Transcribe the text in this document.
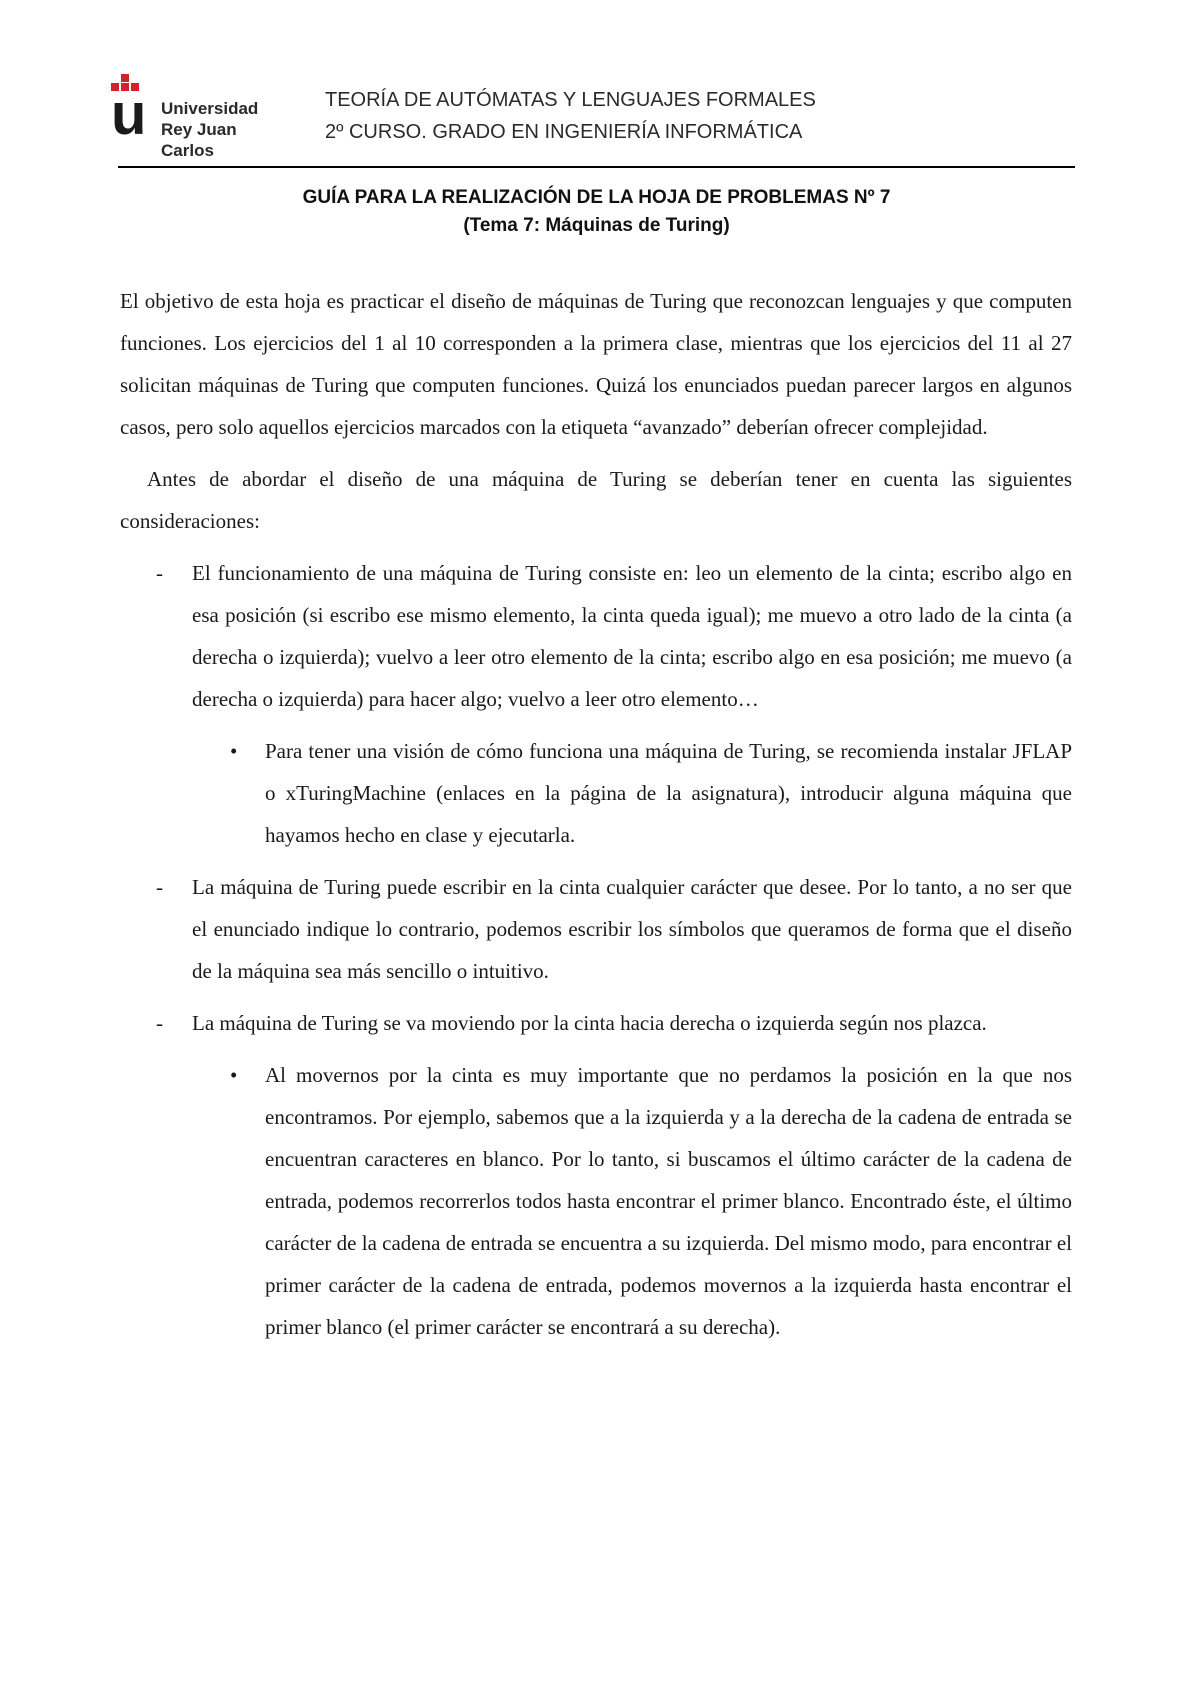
u Universidad
Rey Juan Carlos
TEORÍA DE AUTÓMATAS Y LENGUAJES FORMALES
2º CURSO. GRADO EN INGENIERÍA INFORMÁTICA
GUÍA PARA LA REALIZACIÓN DE LA HOJA DE PROBLEMAS Nº 7
(Tema 7: Máquinas de Turing)

El objetivo de esta hoja es practicar el diseño de máquinas de Turing que reconozcan lenguajes y que computen funciones. Los ejercicios del 1 al 10 corresponden a la primera clase, mientras que los ejercicios del 11 al 27 solicitan máquinas de Turing que computen funciones. Quizá los enunciados puedan parecer largos en algunos casos, pero solo aquellos ejercicios marcados con la etiqueta “avanzado” deberían ofrecer complejidad.

Antes de abordar el diseño de una máquina de Turing se deberían tener en cuenta las siguientes consideraciones:

- El funcionamiento de una máquina de Turing consiste en: leo un elemento de la cinta; escribo algo en esa posición (si escribo ese mismo elemento, la cinta queda igual); me muevo a otro lado de la cinta (a derecha o izquierda); vuelvo a leer otro elemento de la cinta; escribo algo en esa posición; me muevo (a derecha o izquierda) para hacer algo; vuelvo a leer otro elemento…

• Para tener una visión de cómo funciona una máquina de Turing, se recomienda instalar JFLAP o xTuringMachine (enlaces en la página de la asignatura), introducir alguna máquina que hayamos hecho en clase y ejecutarla.

- La máquina de Turing puede escribir en la cinta cualquier carácter que desee. Por lo tanto, a no ser que el enunciado indique lo contrario, podemos escribir los símbolos que queramos de forma que el diseño de la máquina sea más sencillo o intuitivo.

- La máquina de Turing se va moviendo por la cinta hacia derecha o izquierda según nos plazca.

• Al movernos por la cinta es muy importante que no perdamos la posición en la que nos encontramos. Por ejemplo, sabemos que a la izquierda y a la derecha de la cadena de entrada se encuentran caracteres en blanco. Por lo tanto, si buscamos el último carácter de la cadena de entrada, podemos recorrerlos todos hasta encontrar el primer blanco. Encontrado éste, el último carácter de la cadena de entrada se encuentra a su izquierda. Del mismo modo, para encontrar el primer carácter de la cadena de entrada, podemos movernos a la izquierda hasta encontrar el primer blanco (el primer carácter se encontrará a su derecha).
